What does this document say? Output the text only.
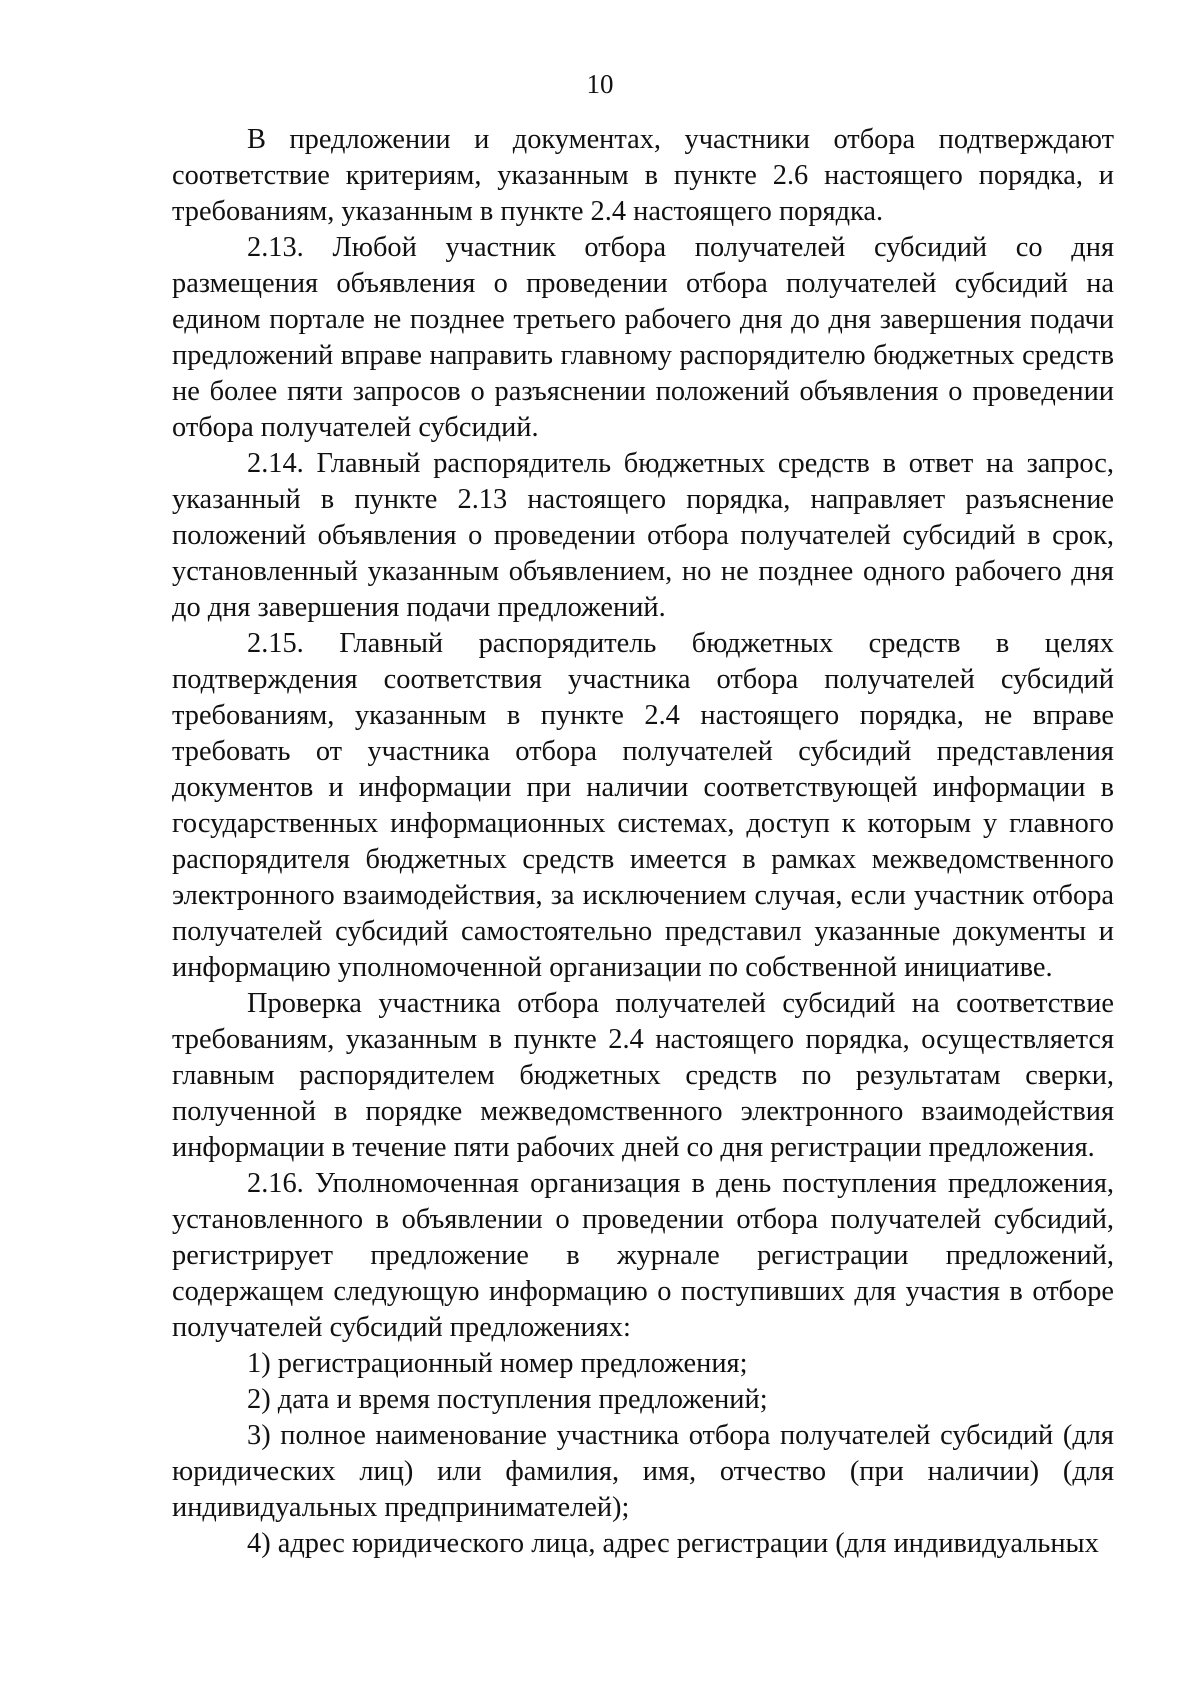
10

В предложении и документах, участники отбора подтверждают соответствие критериям, указанным в пункте 2.6 настоящего порядка, и требованиям, указанным в пункте 2.4 настоящего порядка.

2.13. Любой участник отбора получателей субсидий со дня размещения объявления о проведении отбора получателей субсидий на едином портале не позднее третьего рабочего дня до дня завершения подачи предложений вправе направить главному распорядителю бюджетных средств не более пяти запросов о разъяснении положений объявления о проведении отбора получателей субсидий.

2.14. Главный распорядитель бюджетных средств в ответ на запрос, указанный в пункте 2.13 настоящего порядка, направляет разъяснение положений объявления о проведении отбора получателей субсидий в срок, установленный указанным объявлением, но не позднее одного рабочего дня до дня завершения подачи предложений.

2.15. Главный распорядитель бюджетных средств в целях подтверждения соответствия участника отбора получателей субсидий требованиям, указанным в пункте 2.4 настоящего порядка, не вправе требовать от участника отбора получателей субсидий представления документов и информации при наличии соответствующей информации в государственных информационных системах, доступ к которым у главного распорядителя бюджетных средств имеется в рамках межведомственного электронного взаимодействия, за исключением случая, если участник отбора получателей субсидий самостоятельно представил указанные документы и информацию уполномоченной организации по собственной инициативе.

Проверка участника отбора получателей субсидий на соответствие требованиям, указанным в пункте 2.4 настоящего порядка, осуществляется главным распорядителем бюджетных средств по результатам сверки, полученной в порядке межведомственного электронного взаимодействия информации в течение пяти рабочих дней со дня регистрации предложения.

2.16. Уполномоченная организация в день поступления предложения, установленного в объявлении о проведении отбора получателей субсидий, регистрирует предложение в журнале регистрации предложений, содержащем следующую информацию о поступивших для участия в отборе получателей субсидий предложениях:

1) регистрационный номер предложения;

2) дата и время поступления предложений;

3) полное наименование участника отбора получателей субсидий (для юридических лиц) или фамилия, имя, отчество (при наличии) (для индивидуальных предпринимателей);

4) адрес юридического лица, адрес регистрации (для индивидуальных
